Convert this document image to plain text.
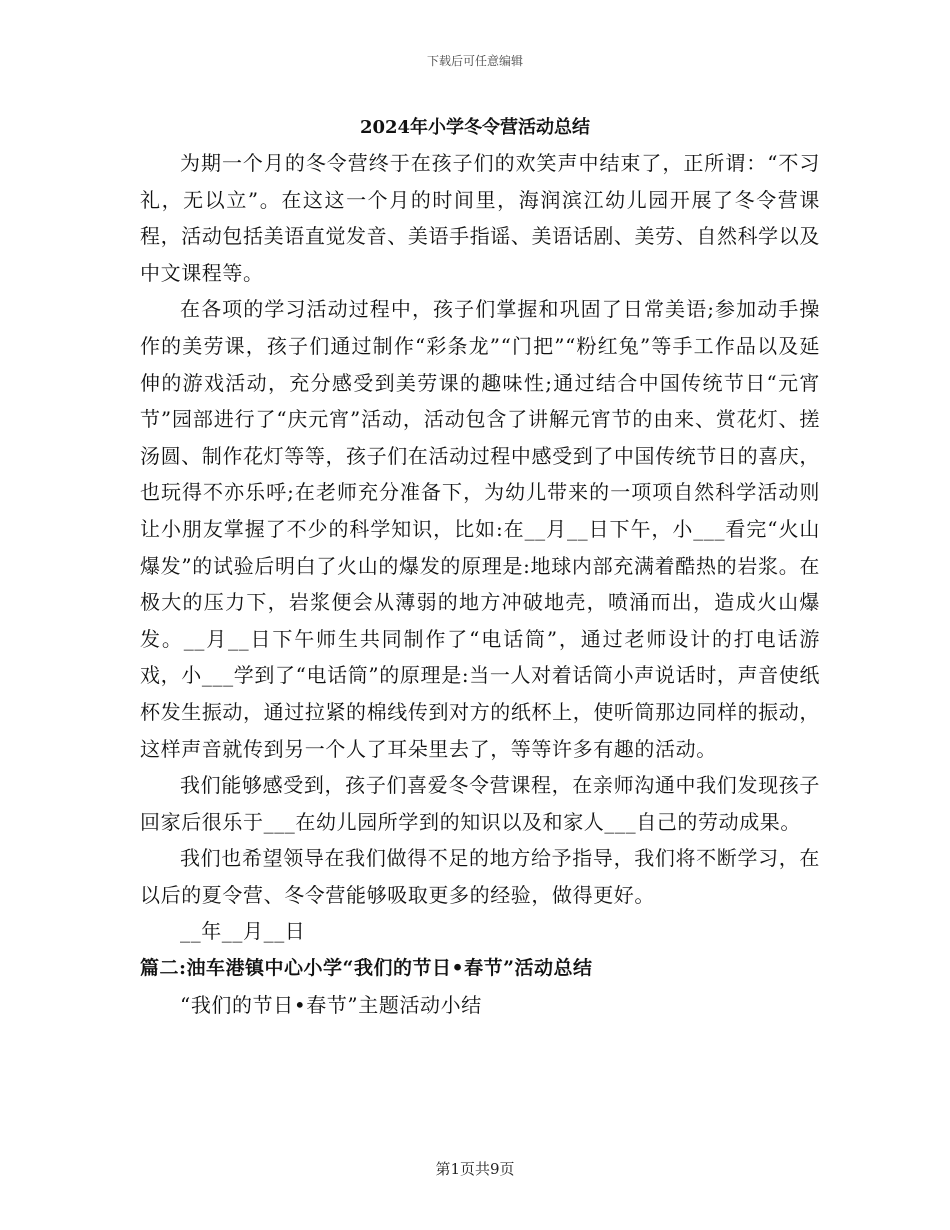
下载后可任意编辑
2024年小学冬令营活动总结

为期一个月的冬令营终于在孩子们的欢笑声中结束了，正所谓：“不习礼，无以立”。在这这一个月的时间里，海润滨江幼儿园开展了冬令营课程，活动包括美语直觉发音、美语手指谣、美语话剧、美劳、自然科学以及中文课程等。

在各项的学习活动过程中，孩子们掌握和巩固了日常美语;参加动手操作的美劳课，孩子们通过制作“彩条龙”“门把”“粉红兔”等手工作品以及延伸的游戏活动，充分感受到美劳课的趣味性;通过结合中国传统节日“元宵节”园部进行了“庆元宵”活动，活动包含了讲解元宵节的由来、赏花灯、搓汤圆、制作花灯等等，孩子们在活动过程中感受到了中国传统节日的喜庆，也玩得不亦乐呼;在老师充分准备下，为幼儿带来的一项项自然科学活动则让小朋友掌握了不少的科学知识，比如:在__月__日下午，小___看完“火山爆发”的试验后明白了火山的爆发的原理是:地球内部充满着酷热的岩浆。在极大的压力下，岩浆便会从薄弱的地方冲破地壳，喷涌而出，造成火山爆发。__月__日下午师生共同制作了“电话筒”，通过老师设计的打电话游戏，小___学到了“电话筒”的原理是:当一人对着话筒小声说话时，声音使纸杯发生振动，通过拉紧的棉线传到对方的纸杯上，使听筒那边同样的振动，这样声音就传到另一个人了耳朵里去了，等等许多有趣的活动。

我们能够感受到，孩子们喜爱冬令营课程，在亲师沟通中我们发现孩子回家后很乐于___在幼儿园所学到的知识以及和家人___自己的劳动成果。

我们也希望领导在我们做得不足的地方给予指导，我们将不断学习，在以后的夏令营、冬令营能够吸取更多的经验，做得更好。

__年__月__日

篇二:油车港镇中心小学“我们的节日•春节”活动总结

“我们的节日•春节”主题活动小结

第1页共9页
